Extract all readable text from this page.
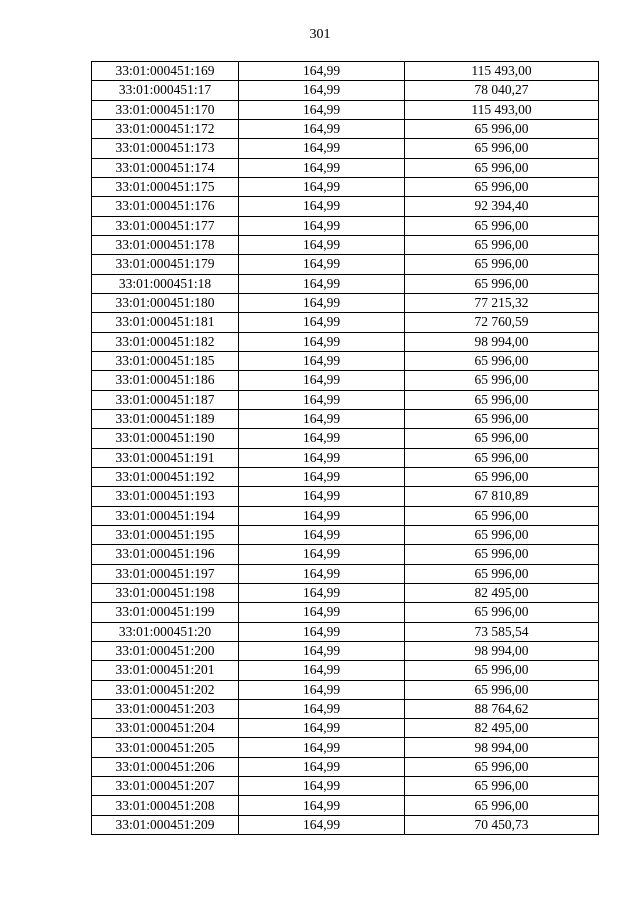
301
33:01:000451:169	164,99	115 493,00
33:01:000451:17	164,99	78 040,27
33:01:000451:170	164,99	115 493,00
33:01:000451:172	164,99	65 996,00
33:01:000451:173	164,99	65 996,00
33:01:000451:174	164,99	65 996,00
33:01:000451:175	164,99	65 996,00
33:01:000451:176	164,99	92 394,40
33:01:000451:177	164,99	65 996,00
33:01:000451:178	164,99	65 996,00
33:01:000451:179	164,99	65 996,00
33:01:000451:18	164,99	65 996,00
33:01:000451:180	164,99	77 215,32
33:01:000451:181	164,99	72 760,59
33:01:000451:182	164,99	98 994,00
33:01:000451:185	164,99	65 996,00
33:01:000451:186	164,99	65 996,00
33:01:000451:187	164,99	65 996,00
33:01:000451:189	164,99	65 996,00
33:01:000451:190	164,99	65 996,00
33:01:000451:191	164,99	65 996,00
33:01:000451:192	164,99	65 996,00
33:01:000451:193	164,99	67 810,89
33:01:000451:194	164,99	65 996,00
33:01:000451:195	164,99	65 996,00
33:01:000451:196	164,99	65 996,00
33:01:000451:197	164,99	65 996,00
33:01:000451:198	164,99	82 495,00
33:01:000451:199	164,99	65 996,00
33:01:000451:20	164,99	73 585,54
33:01:000451:200	164,99	98 994,00
33:01:000451:201	164,99	65 996,00
33:01:000451:202	164,99	65 996,00
33:01:000451:203	164,99	88 764,62
33:01:000451:204	164,99	82 495,00
33:01:000451:205	164,99	98 994,00
33:01:000451:206	164,99	65 996,00
33:01:000451:207	164,99	65 996,00
33:01:000451:208	164,99	65 996,00
33:01:000451:209	164,99	70 450,73
